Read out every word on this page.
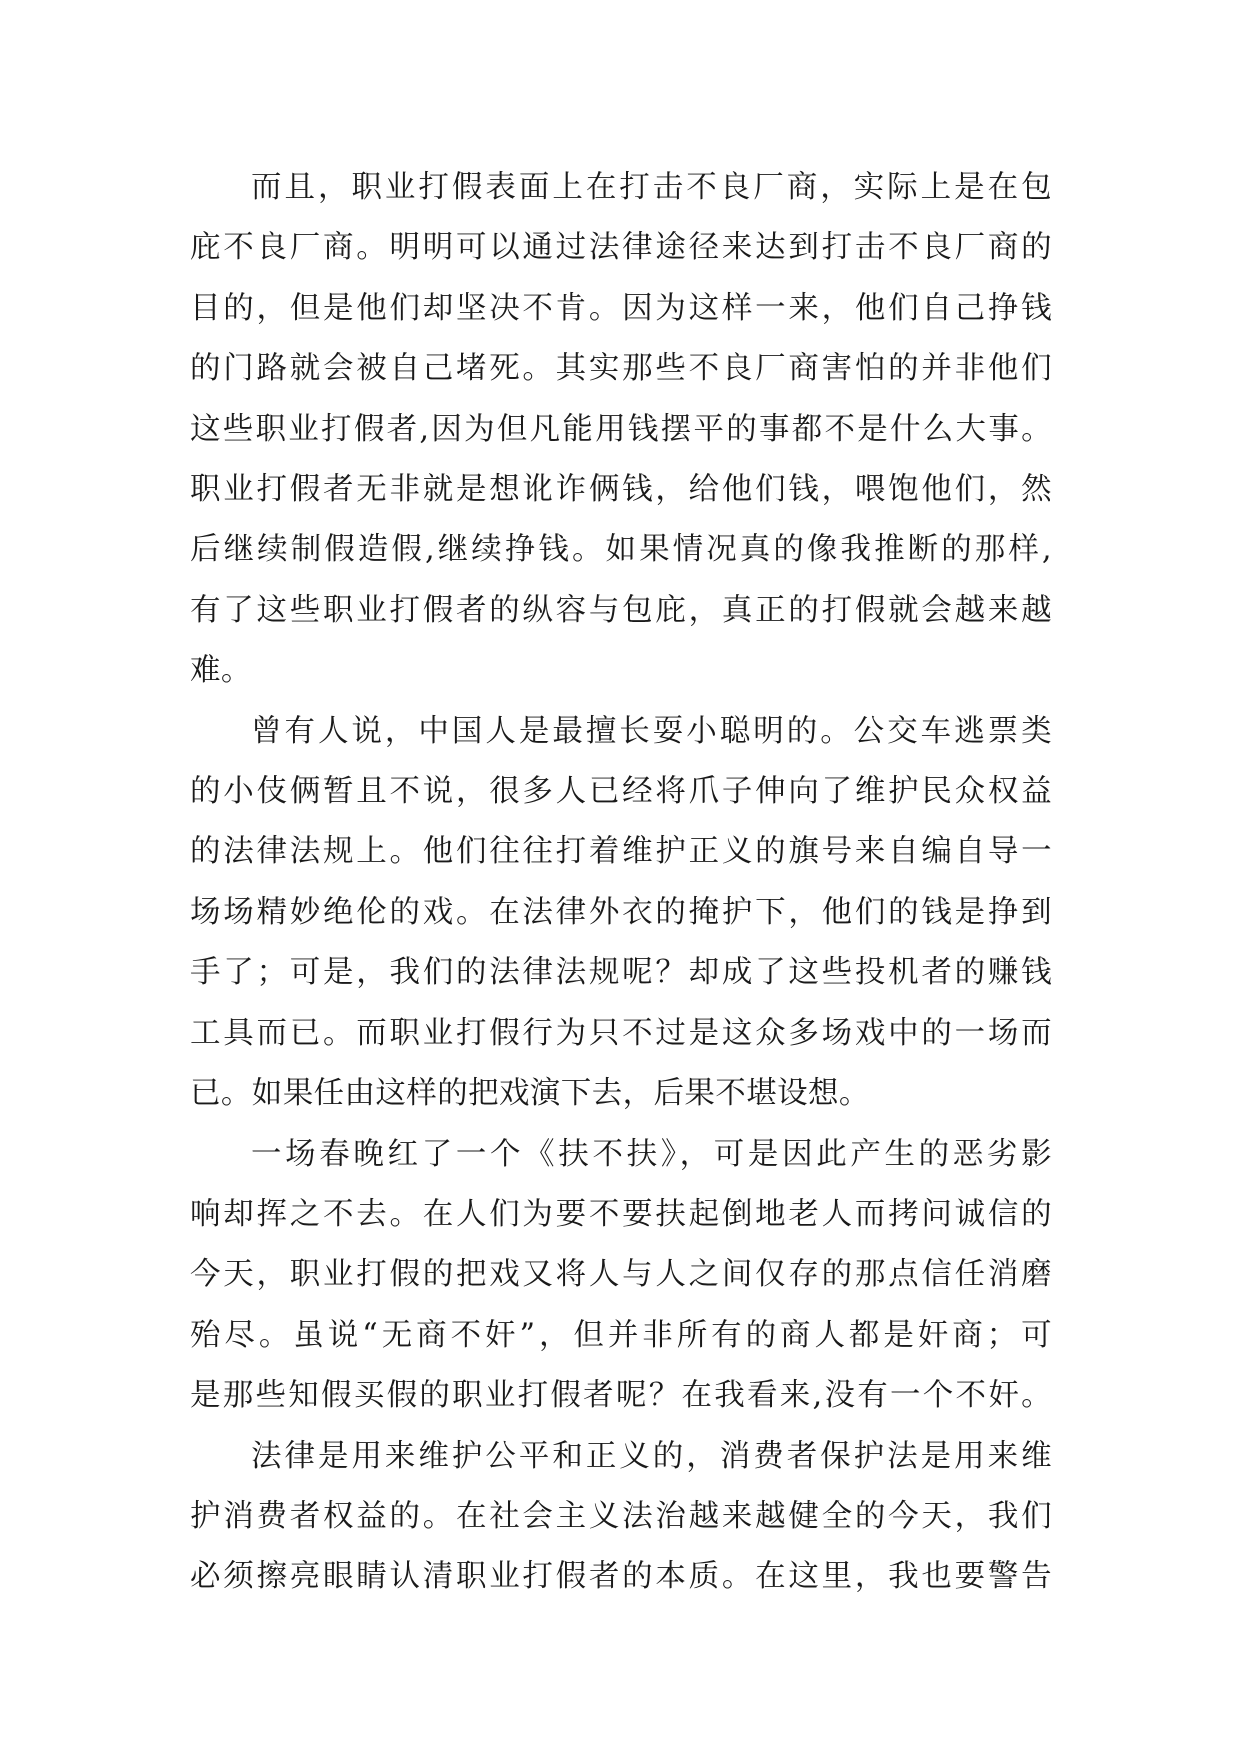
而且，职业打假表面上在打击不良厂商，实际上是在包
庇不良厂商。明明可以通过法律途径来达到打击不良厂商的
目的，但是他们却坚决不肯。因为这样一来，他们自己挣钱
的门路就会被自己堵死。其实那些不良厂商害怕的并非他们
这些职业打假者,因为但凡能用钱摆平的事都不是什么大事。
职业打假者无非就是想讹诈俩钱，给他们钱，喂饱他们，然
后继续制假造假,继续挣钱。如果情况真的像我推断的那样,
有了这些职业打假者的纵容与包庇，真正的打假就会越来越
难。
曾有人说，中国人是最擅长耍小聪明的。公交车逃票类
的小伎俩暂且不说，很多人已经将爪子伸向了维护民众权益
的法律法规上。他们往往打着维护正义的旗号来自编自导一
场场精妙绝伦的戏。在法律外衣的掩护下，他们的钱是挣到
手了；可是，我们的法律法规呢？却成了这些投机者的赚钱
工具而已。而职业打假行为只不过是这众多场戏中的一场而
已。如果任由这样的把戏演下去，后果不堪设想。
一场春晚红了一个《扶不扶》，可是因此产生的恶劣影
响却挥之不去。在人们为要不要扶起倒地老人而拷问诚信的
今天，职业打假的把戏又将人与人之间仅存的那点信任消磨
殆尽。虽说“无商不奸”，但并非所有的商人都是奸商；可
是那些知假买假的职业打假者呢？在我看来,没有一个不奸。
法律是用来维护公平和正义的，消费者保护法是用来维
护消费者权益的。在社会主义法治越来越健全的今天，我们
必须擦亮眼睛认清职业打假者的本质。在这里，我也要警告
